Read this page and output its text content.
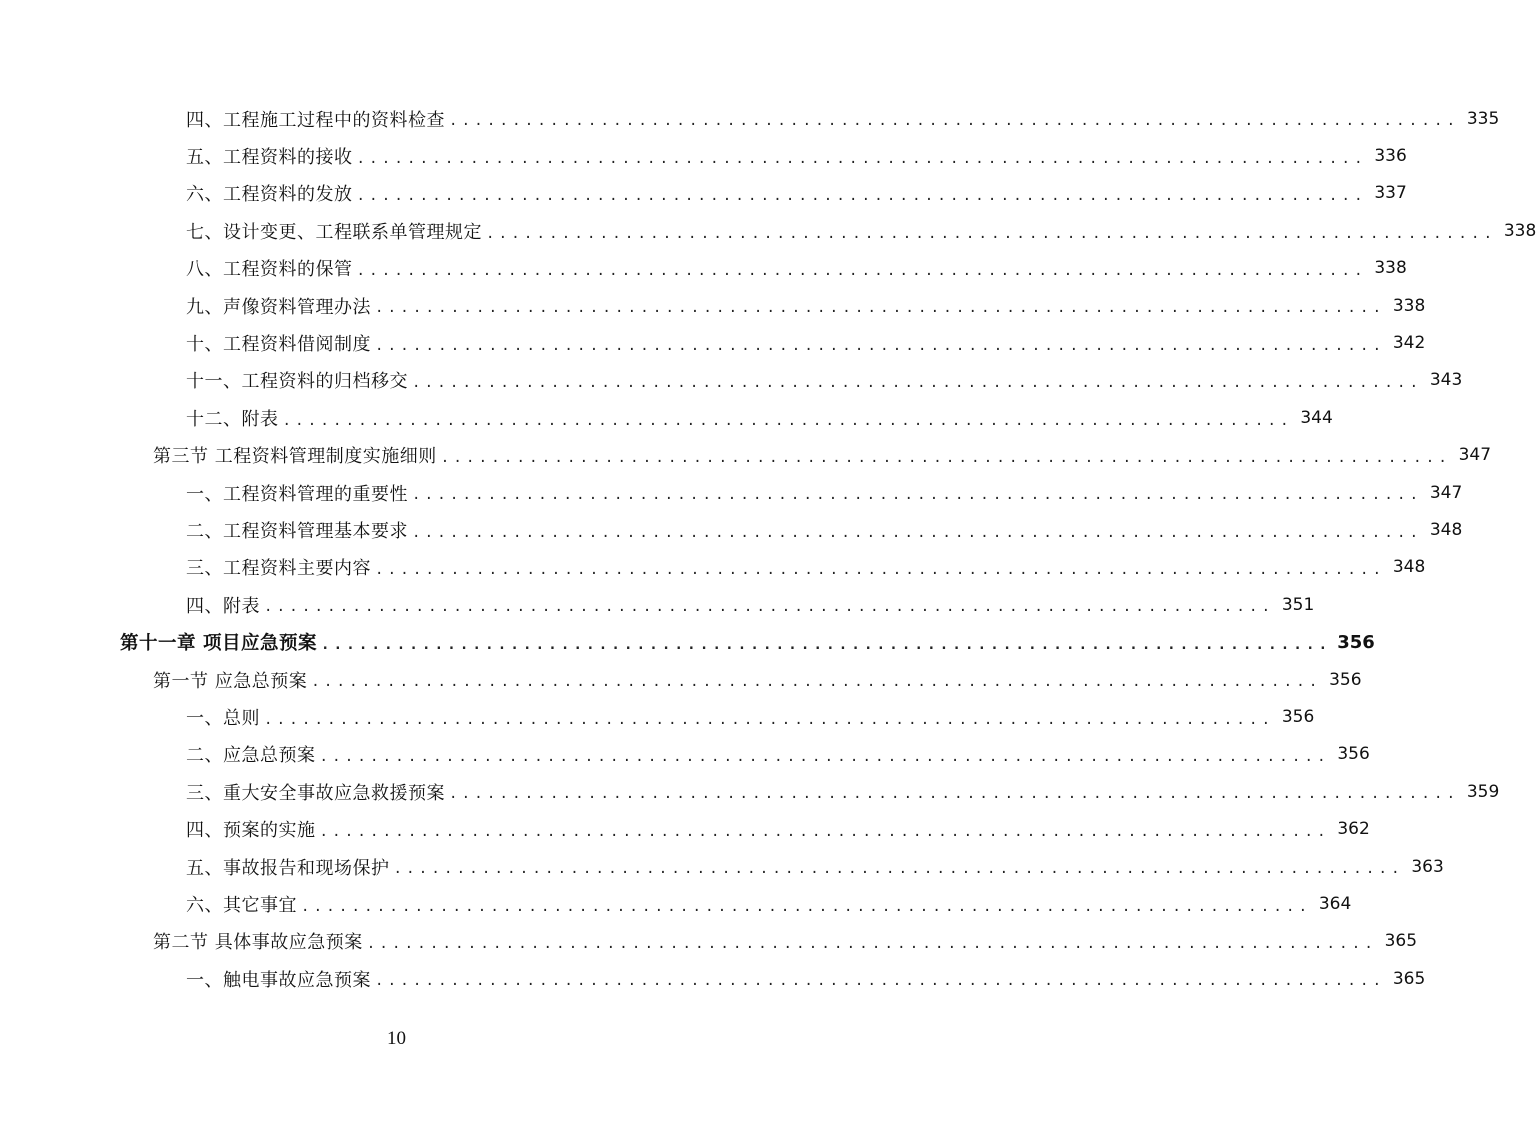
四、工程施工过程中的资料检查 ................................................................................ 335
五、工程资料的接收 ................................................................................ 336
六、工程资料的发放 ................................................................................ 337
七、设计变更、工程联系单管理规定 ................................................................................ 338
八、工程资料的保管 ................................................................................ 338
九、声像资料管理办法 ................................................................................ 338
十、工程资料借阅制度 ................................................................................ 342
十一、工程资料的归档移交 ................................................................................ 343
十二、附表 ................................................................................ 344
第三节 工程资料管理制度实施细则 ................................................................................ 347
一、工程资料管理的重要性 ................................................................................ 347
二、工程资料管理基本要求 ................................................................................ 348
三、工程资料主要内容 ................................................................................ 348
四、附表 ................................................................................ 351
第十一章 项目应急预案 ................................................................................ 356
第一节 应急总预案 ................................................................................ 356
一、总则 ................................................................................ 356
二、应急总预案 ................................................................................ 356
三、重大安全事故应急救援预案 ................................................................................ 359
四、预案的实施 ................................................................................ 362
五、事故报告和现场保护 ................................................................................ 363
六、其它事宜 ................................................................................ 364
第二节 具体事故应急预案 ................................................................................ 365
一、触电事故应急预案 ................................................................................ 365
10
